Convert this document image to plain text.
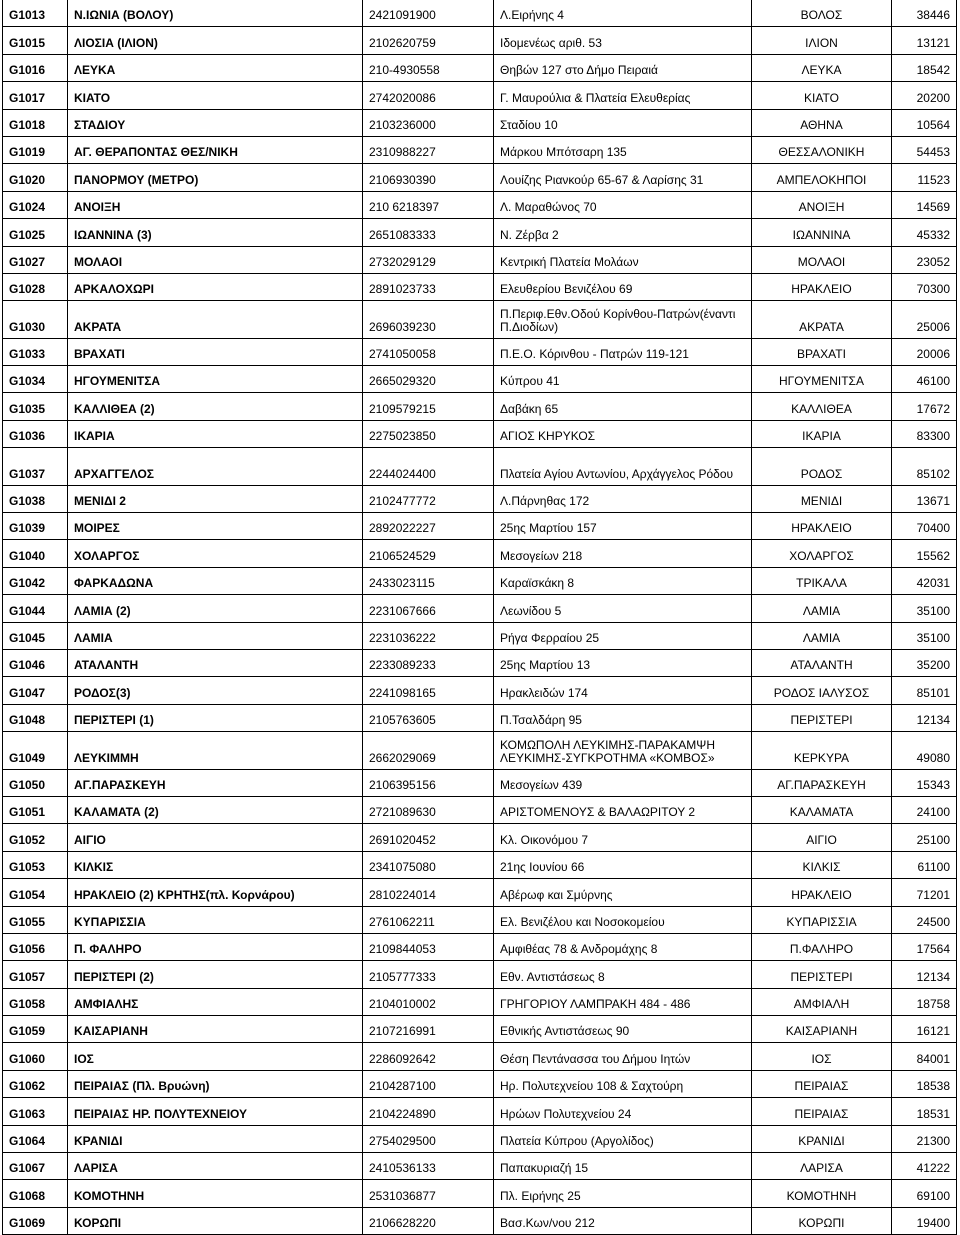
G1013	Ν.ΙΩΝΙΑ (ΒΟΛΟΥ)	2421091900	Λ.Ειρήνης 4	ΒΟΛΟΣ	38446
G1015	ΛΙΟΣΙΑ (ΙΛΙΟΝ)	2102620759	Ιδομενέως αριθ. 53	ΙΛΙΟΝ	13121
G1016	ΛΕΥΚΑ	210-4930558	Θηβών 127 στο Δήμο Πειραιά	ΛΕΥΚΑ	18542
G1017	ΚΙΑΤΟ	2742020086	Γ. Μαυρούλια & Πλατεία Ελευθερίας	ΚΙΑΤΟ	20200
G1018	ΣΤΑΔΙΟΥ	2103236000	Σταδίου 10	ΑΘΗΝΑ	10564
G1019	ΑΓ. ΘΕΡΑΠΟΝΤΑΣ ΘΕΣ/ΝΙΚΗ	2310988227	Μάρκου Μπότσαρη 135	ΘΕΣΣΑΛΟΝΙΚΗ	54453
G1020	ΠΑΝΟΡΜΟΥ (ΜΕΤΡΟ)	2106930390	Λουίζης Ριανκούρ 65-67 & Λαρίσης 31	ΑΜΠΕΛΟΚΗΠΟΙ	11523
G1024	ΑΝΟΙΞΗ	210 6218397	Λ. Μαραθώνος 70	ΑΝΟΙΞΗ	14569
G1025	ΙΩΑΝΝΙΝΑ (3)	2651083333	Ν. Ζέρβα 2	ΙΩΑΝΝΙΝΑ	45332
G1027	ΜΟΛΑΟΙ	2732029129	Κεντρική Πλατεία Μολάων	ΜΟΛΑΟΙ	23052
G1028	ΑΡΚΑΛΟΧΩΡΙ	2891023733	Ελευθερίου Βενιζέλου 69	ΗΡΑΚΛΕΙΟ	70300
G1030	ΑΚΡΑΤΑ	2696039230	Π.Περιφ.Εθν.Οδού Κορίνθου-Πατρών(έναντι Π.Διοδίων)	ΑΚΡΑΤΑ	25006
G1033	ΒΡΑΧΑΤΙ	2741050058	Π.Ε.Ο. Κόρινθου - Πατρών 119-121	ΒΡΑΧΑΤΙ	20006
G1034	ΗΓΟΥΜΕΝΙΤΣΑ	2665029320	Κύπρου 41	ΗΓΟΥΜΕΝΙΤΣΑ	46100
G1035	ΚΑΛΛΙΘΕΑ (2)	2109579215	Δαβάκη 65	ΚΑΛΛΙΘΕΑ	17672
G1036	ΙΚΑΡΙΑ	2275023850	ΑΓΙΟΣ ΚΗΡΥΚΟΣ	ΙΚΑΡΙΑ	83300
G1037	ΑΡΧΑΓΓΕΛΟΣ	2244024400	Πλατεία Αγίου Αντωνίου, Αρχάγγελος Ρόδου	ΡΟΔΟΣ	85102
G1038	ΜΕΝΙΔΙ 2	2102477772	Λ.Πάρνηθας 172	ΜΕΝΙΔΙ	13671
G1039	ΜΟΙΡΕΣ	2892022227	25ης Μαρτίου 157	ΗΡΑΚΛΕΙΟ	70400
G1040	ΧΟΛΑΡΓΟΣ	2106524529	Μεσογείων 218	ΧΟΛΑΡΓΟΣ	15562
G1042	ΦΑΡΚΑΔΩΝΑ	2433023115	Καραϊσκάκη 8	ΤΡΙΚΑΛΑ	42031
G1044	ΛΑΜΙΑ (2)	2231067666	Λεωνίδου 5	ΛΑΜΙΑ	35100
G1045	ΛΑΜΙΑ	2231036222	Ρήγα Φερραίου 25	ΛΑΜΙΑ	35100
G1046	ΑΤΑΛΑΝΤΗ	2233089233	25ης Μαρτίου 13	ΑΤΑΛΑΝΤΗ	35200
G1047	ΡΟΔΟΣ(3)	2241098165	Ηρακλειδών 174	ΡΟΔΟΣ ΙΑΛΥΣΟΣ	85101
G1048	ΠΕΡΙΣΤΕΡΙ (1)	2105763605	Π.Τσαλδάρη 95	ΠΕΡΙΣΤΕΡΙ	12134
G1049	ΛΕΥΚΙΜΜΗ	2662029069	ΚΟΜΩΠΟΛΗ ΛΕΥΚΙΜΗΣ-ΠΑΡΑΚΑΜΨΗ ΛΕΥΚΙΜΗΣ-ΣΥΓΚΡΟΤΗΜΑ «ΚΟΜΒΟΣ»	ΚΕΡΚΥΡΑ	49080
G1050	ΑΓ.ΠΑΡΑΣΚΕΥΗ	2106395156	Μεσογείων 439	ΑΓ.ΠΑΡΑΣΚΕΥΗ	15343
G1051	ΚΑΛΑΜΑΤΑ (2)	2721089630	ΑΡΙΣΤΟΜΕΝΟΥΣ & ΒΑΛΑΩΡΙΤΟΥ 2	ΚΑΛΑΜΑΤΑ	24100
G1052	ΑΙΓΙΟ	2691020452	Κλ. Οικονόμου 7	ΑΙΓΙΟ	25100
G1053	ΚΙΛΚΙΣ	2341075080	21ης Ιουνίου 66	ΚΙΛΚΙΣ	61100
G1054	ΗΡΑΚΛΕΙΟ (2) ΚΡΗΤΗΣ(πλ. Κορνάρου)	2810224014	Αβέρωφ και Σμύρνης	ΗΡΑΚΛΕΙΟ	71201
G1055	ΚΥΠΑΡΙΣΣΙΑ	2761062211	Ελ. Βενιζέλου και Νοσοκομείου	ΚΥΠΑΡΙΣΣΙΑ	24500
G1056	Π. ΦΑΛΗΡΟ	2109844053	Αμφιθέας 78 & Ανδρομάχης 8	Π.ΦΑΛΗΡΟ	17564
G1057	ΠΕΡΙΣΤΕΡΙ (2)	2105777333	Εθν. Αντιστάσεως 8	ΠΕΡΙΣΤΕΡΙ	12134
G1058	ΑΜΦΙΑΛΗΣ	2104010002	ΓΡΗΓΟΡΙΟΥ ΛΑΜΠΡΑΚΗ 484 - 486	ΑΜΦΙΑΛΗ	18758
G1059	ΚΑΙΣΑΡΙΑΝΗ	2107216991	Εθνικής Αντιστάσεως 90	ΚΑΙΣΑΡΙΑΝΗ	16121
G1060	ΙΟΣ	2286092642	Θέση Πεντάνασσα του Δήμου Ιητών	ΙΟΣ	84001
G1062	ΠΕΙΡΑΙΑΣ (Πλ. Βρυώνη)	2104287100	Ηρ. Πολυτεχνείου 108 & Σαχτούρη	ΠΕΙΡΑΙΑΣ	18538
G1063	ΠΕΙΡΑΙΑΣ ΗΡ. ΠΟΛΥΤΕΧΝΕΙΟΥ	2104224890	Ηρώων Πολυτεχνείου 24	ΠΕΙΡΑΙΑΣ	18531
G1064	ΚΡΑΝΙΔΙ	2754029500	Πλατεία Κύπρου (Αργολίδος)	ΚΡΑΝΙΔΙ	21300
G1067	ΛΑΡΙΣΑ	2410536133	Παπακυριαζή 15	ΛΑΡΙΣΑ	41222
G1068	ΚΟΜΟΤΗΝΗ	2531036877	Πλ. Ειρήνης 25	ΚΟΜΟΤΗΝΗ	69100
G1069	ΚΟΡΩΠΙ	2106628220	Βασ.Κων/νου 212	ΚΟΡΩΠΙ	19400
